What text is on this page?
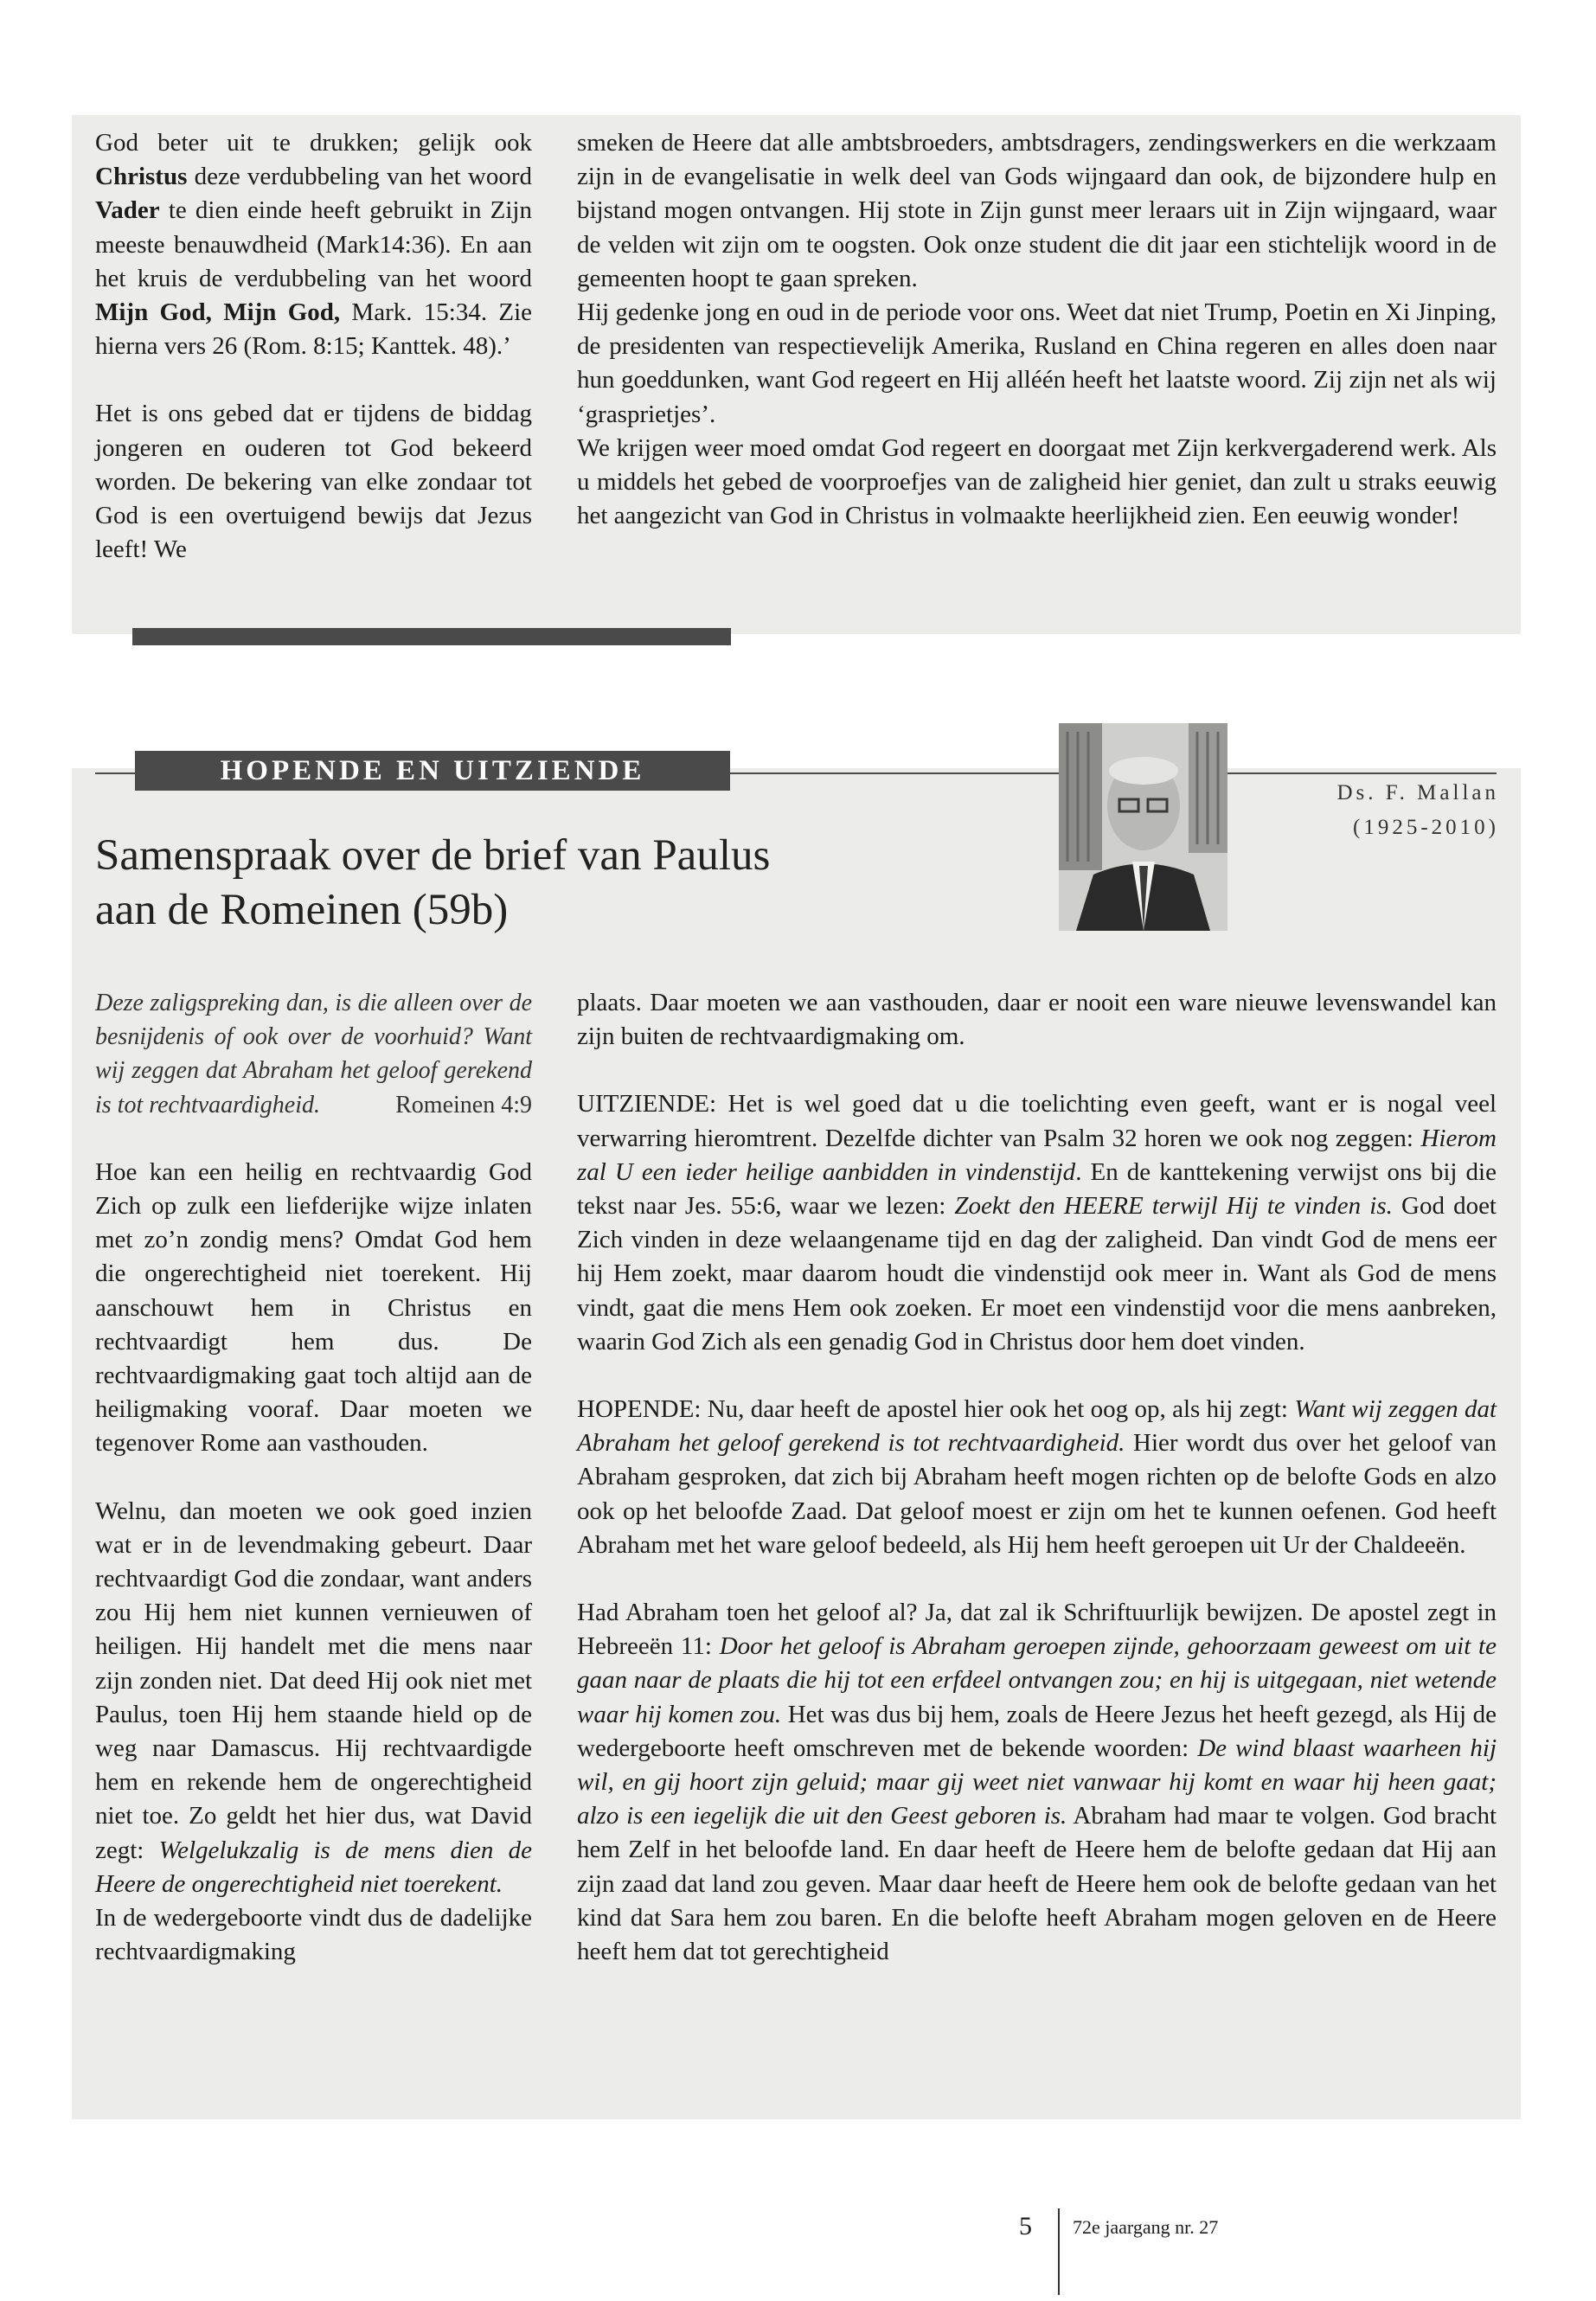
God beter uit te drukken; gelijk ook Christus deze verdubbeling van het woord Vader te dien einde heeft gebruikt in Zijn meeste benauwdheid (Mark14:36). En aan het kruis de verdubbeling van het woord Mijn God, Mijn God, Mark. 15:34. Zie hierna vers 26 (Rom. 8:15; Kanttek. 48).’

Het is ons gebed dat er tijdens de biddag jongeren en ouderen tot God bekeerd worden. De bekering van elke zondaar tot God is een overtuigend bewijs dat Jezus leeft! We

smeken de Heere dat alle ambtsbroeders, ambtsdragers, zendingswerkers en die werkzaam zijn in de evangelisatie in welk deel van Gods wijngaard dan ook, de bijzondere hulp en bijstand mogen ontvangen. Hij stote in Zijn gunst meer leraars uit in Zijn wijngaard, waar de velden wit zijn om te oogsten. Ook onze student die dit jaar een stichtelijk woord in de gemeenten hoopt te gaan spreken.

Hij gedenke jong en oud in de periode voor ons. Weet dat niet Trump, Poetin en Xi Jinping, de presidenten van respectievelijk Amerika, Rusland en China regeren en alles doen naar hun goeddunken, want God regeert en Hij alléén heeft het laatste woord. Zij zijn net als wij ‘grasprietjes’.

We krijgen weer moed omdat God regeert en doorgaat met Zijn kerkvergaderend werk. Als u middels het gebed de voorproefjes van de zaligheid hier geniet, dan zult u straks eeuwig het aangezicht van God in Christus in volmaakte heerlijkheid zien. Een eeuwig wonder!

HOPENDE EN UITZIENDE
Samenspraak over de brief van Paulus
aan de Romeinen (59b)
Ds. F. Mallan
(1925-2010)

Deze zaligspreking dan, is die alleen over de besnijdenis of ook over de voorhuid? Want wij zeggen dat Abraham het geloof gerekend is tot rechtvaardigheid.	Romeinen 4:9

Hoe kan een heilig en rechtvaardig God Zich op zulk een liefderijke wijze inlaten met zo’n zondig mens? Omdat God hem die ongerechtigheid niet toerekent. Hij aanschouwt hem in Christus en rechtvaardigt hem dus. De rechtvaardigmaking gaat toch altijd aan de heiligmaking vooraf. Daar moeten we tegenover Rome aan vasthouden.

Welnu, dan moeten we ook goed inzien wat er in de levendmaking gebeurt. Daar rechtvaardigt God die zondaar, want anders zou Hij hem niet kunnen vernieuwen of heiligen. Hij handelt met die mens naar zijn zonden niet. Dat deed Hij ook niet met Paulus, toen Hij hem staande hield op de weg naar Damascus. Hij rechtvaardigde hem en rekende hem de ongerechtigheid niet toe. Zo geldt het hier dus, wat David zegt: Welgelukzalig is de mens dien de Heere de ongerechtigheid niet toerekent.

In de wedergeboorte vindt dus de dadelijke rechtvaardigmaking

plaats. Daar moeten we aan vasthouden, daar er nooit een ware nieuwe levenswandel kan zijn buiten de rechtvaardigmaking om.

UITZIENDE: Het is wel goed dat u die toelichting even geeft, want er is nogal veel verwarring hieromtrent. Dezelfde dichter van Psalm 32 horen we ook nog zeggen: Hierom zal U een ieder heilige aanbidden in vindenstijd. En de kanttekening verwijst ons bij die tekst naar Jes. 55:6, waar we lezen: Zoekt den HEERE terwijl Hij te vinden is. God doet Zich vinden in deze welaangename tijd en dag der zaligheid. Dan vindt God de mens eer hij Hem zoekt, maar daarom houdt die vindenstijd ook meer in. Want als God de mens vindt, gaat die mens Hem ook zoeken. Er moet een vindenstijd voor die mens aanbreken, waarin God Zich als een genadig God in Christus door hem doet vinden.

HOPENDE: Nu, daar heeft de apostel hier ook het oog op, als hij zegt: Want wij zeggen dat Abraham het geloof gerekend is tot rechtvaardigheid. Hier wordt dus over het geloof van Abraham gesproken, dat zich bij Abraham heeft mogen richten op de belofte Gods en alzo ook op het beloofde Zaad. Dat geloof moest er zijn om het te kunnen oefenen. God heeft Abraham met het ware geloof bedeeld, als Hij hem heeft geroepen uit Ur der Chaldeeën.

Had Abraham toen het geloof al? Ja, dat zal ik Schriftuurlijk bewijzen. De apostel zegt in Hebreeën 11: Door het geloof is Abraham geroepen zijnde, gehoorzaam geweest om uit te gaan naar de plaats die hij tot een erfdeel ontvangen zou; en hij is uitgegaan, niet wetende waar hij komen zou. Het was dus bij hem, zoals de Heere Jezus het heeft gezegd, als Hij de wedergeboorte heeft omschreven met de bekende woorden: De wind blaast waarheen hij wil, en gij hoort zijn geluid; maar gij weet niet vanwaar hij komt en waar hij heen gaat; alzo is een iegelijk die uit den Geest geboren is. Abraham had maar te volgen. God bracht hem Zelf in het beloofde land. En daar heeft de Heere hem de belofte gedaan dat Hij aan zijn zaad dat land zou geven. Maar daar heeft de Heere hem ook de belofte gedaan van het kind dat Sara hem zou baren. En die belofte heeft Abraham mogen geloven en de Heere heeft hem dat tot gerechtigheid

5 72e jaargang nr. 27
